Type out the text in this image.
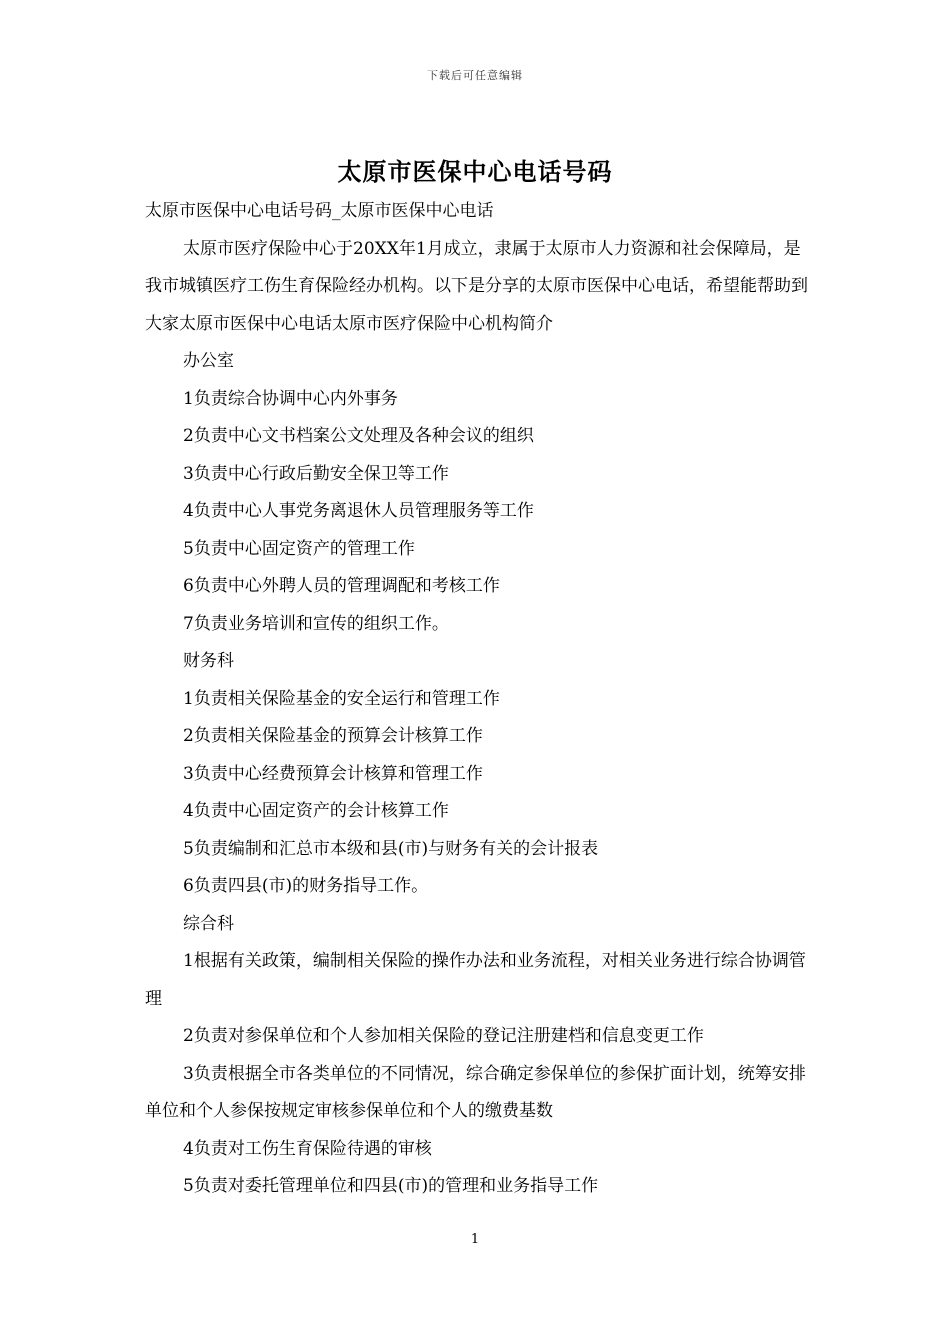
下载后可任意编辑
太原市医保中心电话号码

太原市医保中心电话号码_太原市医保中心电话

太原市医疗保险中心于20XX年1月成立，隶属于太原市人力资源和社会保障局，是我市城镇医疗工伤生育保险经办机构。以下是分享的太原市医保中心电话，希望能帮助到大家太原市医保中心电话太原市医疗保险中心机构简介

办公室

1负责综合协调中心内外事务

2负责中心文书档案公文处理及各种会议的组织

3负责中心行政后勤安全保卫等工作

4负责中心人事党务离退休人员管理服务等工作

5负责中心固定资产的管理工作

6负责中心外聘人员的管理调配和考核工作

7负责业务培训和宣传的组织工作。

财务科

1负责相关保险基金的安全运行和管理工作

2负责相关保险基金的预算会计核算工作

3负责中心经费预算会计核算和管理工作

4负责中心固定资产的会计核算工作

5负责编制和汇总市本级和县(市)与财务有关的会计报表

6负责四县(市)的财务指导工作。

综合科

1根据有关政策，编制相关保险的操作办法和业务流程，对相关业务进行综合协调管理

2负责对参保单位和个人参加相关保险的登记注册建档和信息变更工作

3负责根据全市各类单位的不同情况，综合确定参保单位的参保扩面计划，统筹安排单位和个人参保按规定审核参保单位和个人的缴费基数

4负责对工伤生育保险待遇的审核

5负责对委托管理单位和四县(市)的管理和业务指导工作

1
